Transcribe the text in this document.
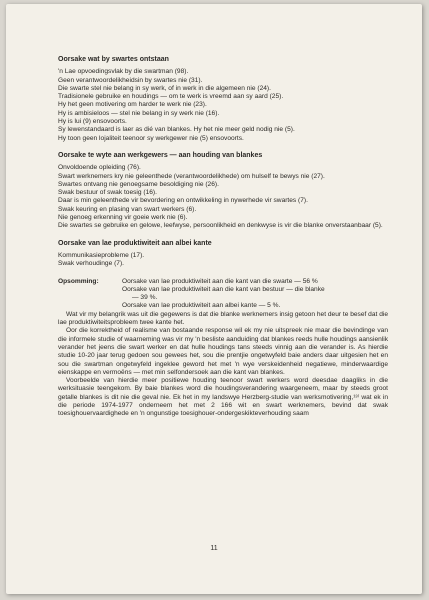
Oorsake wat by swartes ontstaan
'n Lae opvoedingsvlak by die swartman (98).
Geen verantwoordelikheidsin by swartes nie (31).
Die swarte stel nie belang in sy werk, of in werk in die algemeen nie (24).
Tradisionele gebruike en houdings — om te werk is vreemd aan sy aard (25).
Hy het geen motivering om harder te werk nie (23).
Hy is ambisieloos — stel nie belang in sy werk nie (16).
Hy is lui (9) ensovoorts.
Sy lewenstandaard is laer as dié van blankes. Hy het nie meer geld nodig nie (5).
Hy toon geen lojaliteit teenoor sy werkgewer nie (5) ensovoorts.
Oorsake te wyte aan werkgewers — aan houding van blankes
Onvoldoende opleiding (76).
Swart werknemers kry nie geleenthede (verantwoordelikhede) om hulself te bewys nie (27).
Swartes ontvang nie genoegsame besoldiging nie (26).
Swak bestuur of swak toesig (16).
Daar is min geleenthede vir bevordering en ontwikkeling in nywerhede vir swartes (7).
Swak keuring en plasing van swart werkers (6).
Nie genoeg erkenning vir goeie werk nie (6).
Die swartes se gebruike en gelowe, leefwyse, persoonlikheid en denkwyse is vir die blanke onverstaanbaar (5).
Oorsake van lae produktiwiteit aan albei kante
Kommunikasieprobleme (17).
Swak verhoudinge (7).
Opsomming:	Oorsake van lae produktiwiteit aan die kant van die swarte — 56 %
Oorsake van lae produktiwiteit aan die kant van bestuur — die blanke
— 39 %.
Oorsake van lae produktiwiteit aan albei kante — 5 %.
Wat vir my belangrik was uit die gegewens is dat die blanke werknemers insig getoon het deur te besef dat die lae produktiwiteitsprobleem twee kante het.
Oor die korrektheid of realisme van bostaande response wil ek my nie uitspreek nie maar die bevindinge van die informele studie of waarneming was vir my 'n besliste aanduiding dat blankes reeds hulle houdings aansienlik verander het jeens die swart werker en dat hulle houdings tans steeds vinnig aan die verander is. As hierdie studie 10-20 jaar terug gedoen sou gewees het, sou die prentjie ongetwyfeld baie anders daar uitgesien het en sou die swartman ongetwyfeld ingeklee geword het met 'n wye verskeidenheid negatiewe, minderwaardige eienskappe en vermoëns — met min selfondersoek aan die kant van blankes.
Voorbeelde van hierdie meer positiewe houding teenoor swart werkers word deesdae daagliks in die werksituasie teengekom. By baie blankes word die houdingsverandering waargeneem, maar by steeds groot getalle blankes is dit nie die geval nie. Ek het in my landswye Herzberg-studie van werksmotivering,¹³⁾ wat ek in die periode 1974-1977 onderneem het met 2 166 wit en swart werknemers, bevind dat swak toesighouervaardighede en 'n ongunstige toesighouer-ondergeskikteverhouding saam
11
